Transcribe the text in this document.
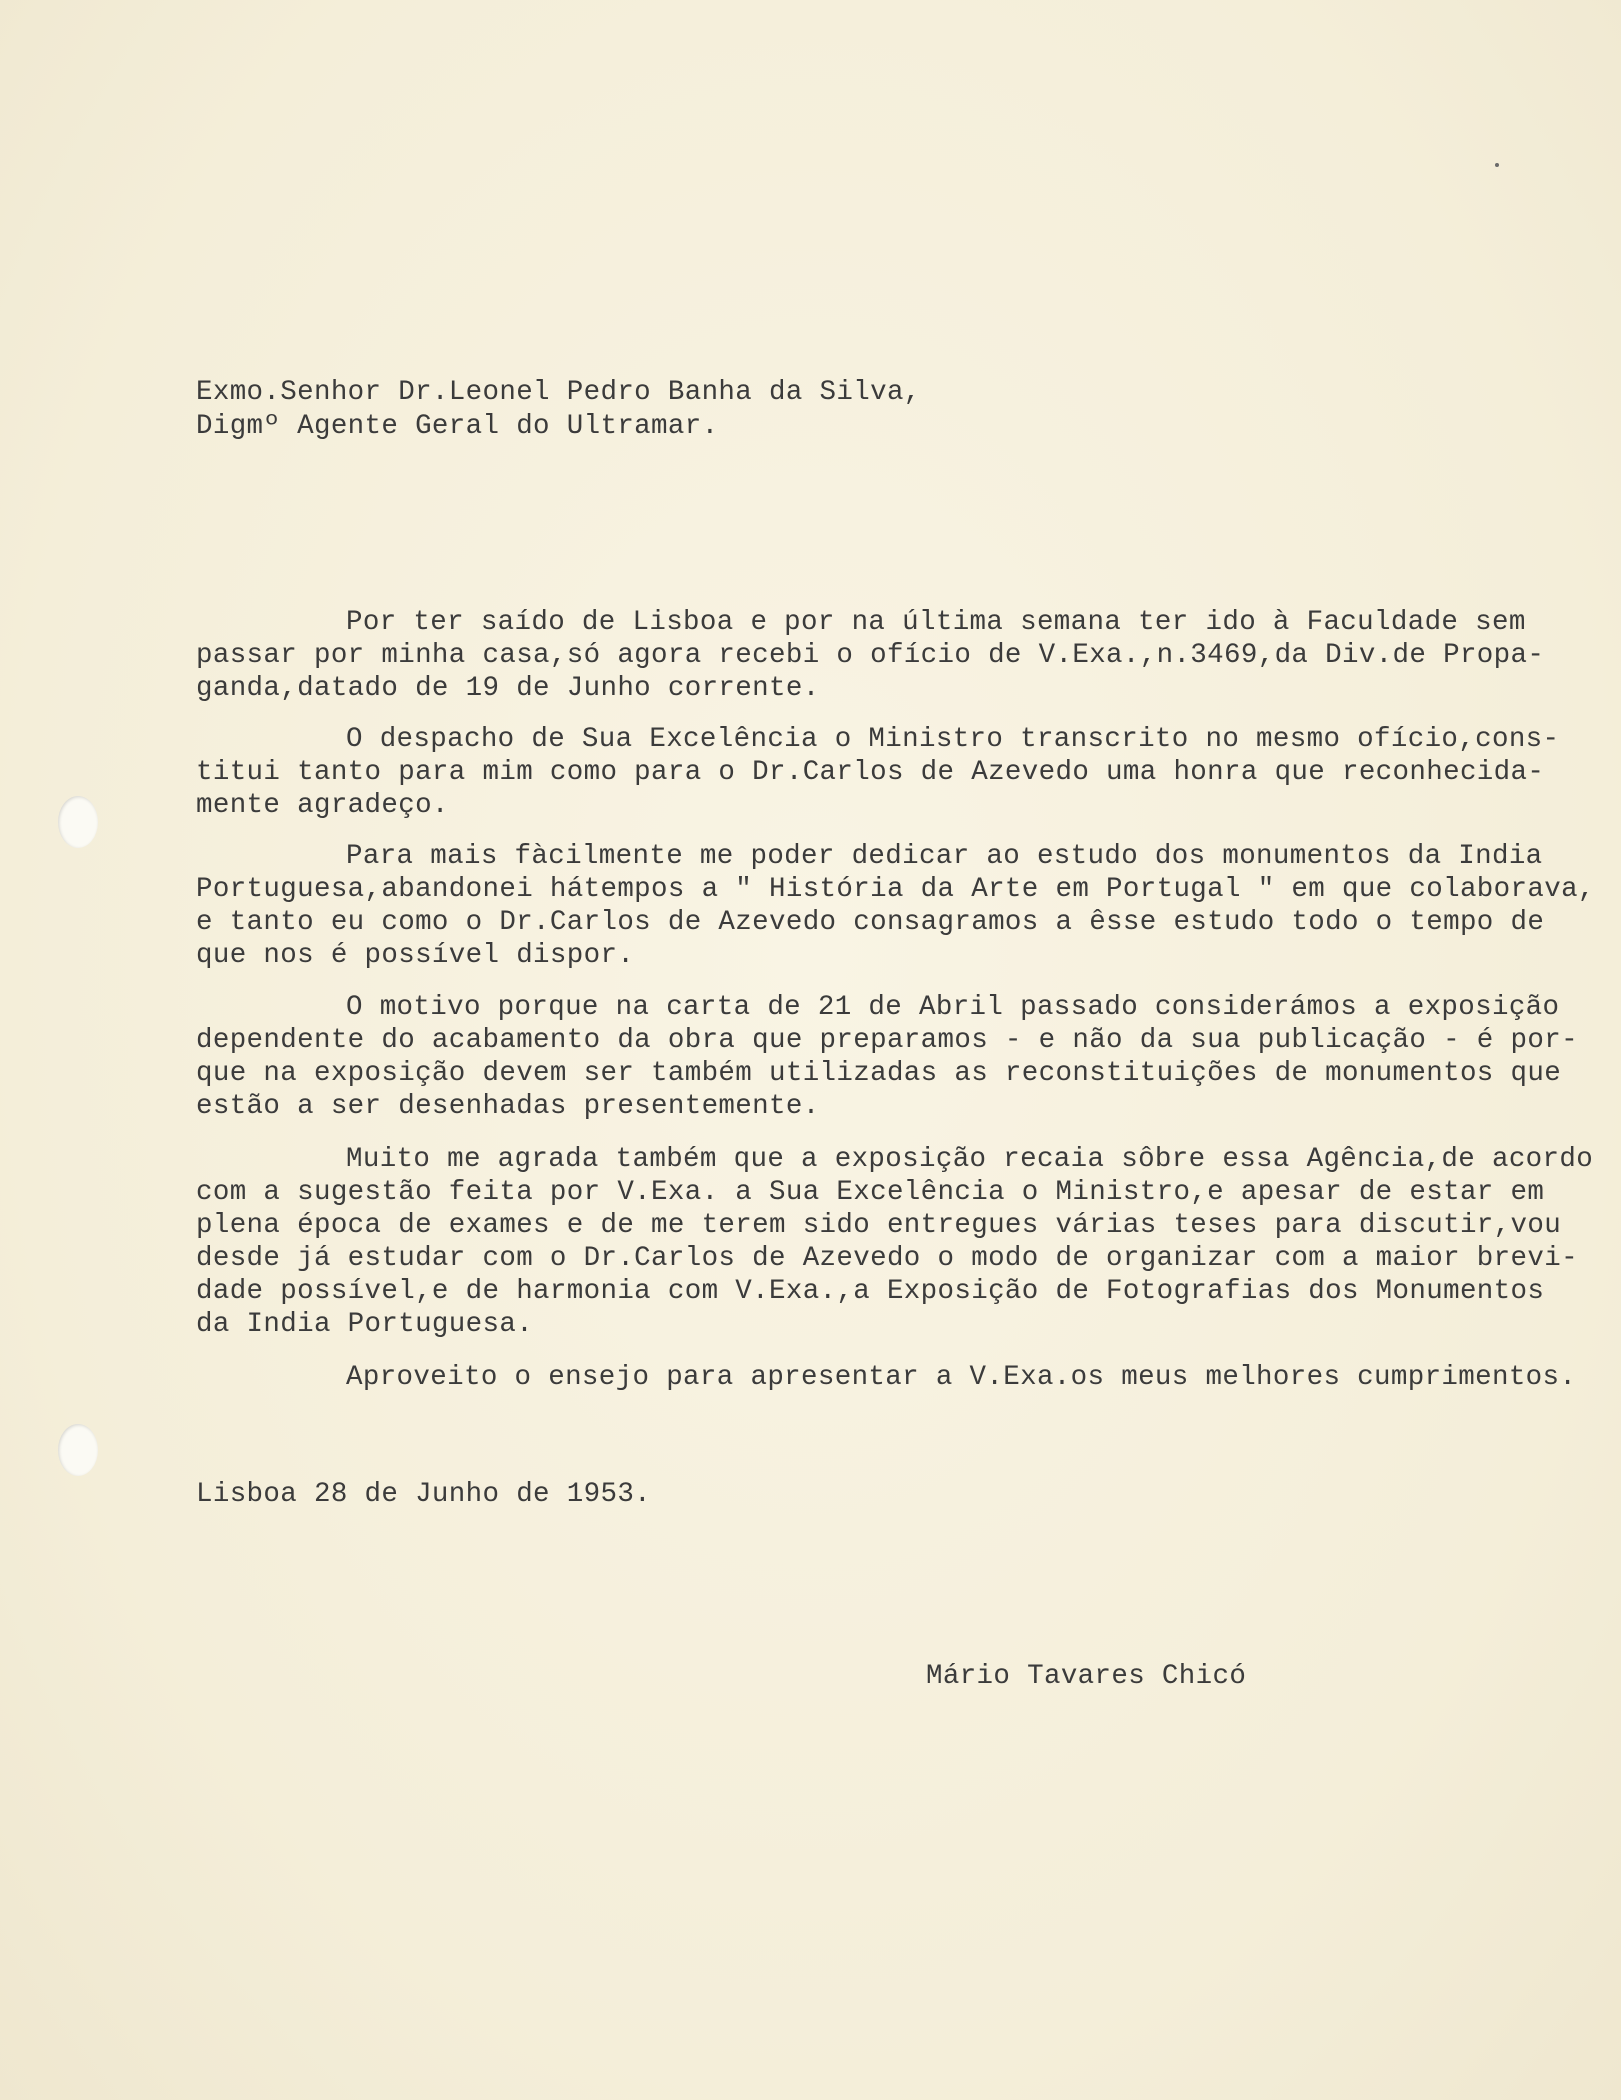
Exmo.Senhor Dr.Leonel Pedro Banha da Silva,
Digmº Agente Geral do Ultramar.
Por ter saído de Lisboa e por na última semana ter ido à Faculdade sem
passar por minha casa,só agora recebi o ofício de V.Exa.,n.3469,da Div.de Propa-
ganda,datado de 19 de Junho corrente.
O despacho de Sua Excelência o Ministro transcrito no mesmo ofício,cons-
titui tanto para mim como para o Dr.Carlos de Azevedo uma honra que reconhecida-
mente agradeço.
Para mais fàcilmente me poder dedicar ao estudo dos monumentos da India
Portuguesa,abandonei hátempos a " História da Arte em Portugal " em que colaborava,
e tanto eu como o Dr.Carlos de Azevedo consagramos a êsse estudo todo o tempo de
que nos é possível dispor.
O motivo porque na carta de 21 de Abril passado considerámos a exposição
dependente do acabamento da obra que preparamos - e não da sua publicação - é por-
que na exposição devem ser também utilizadas as reconstituições de monumentos que
estão a ser desenhadas presentemente.
Muito me agrada também que a exposição recaia sôbre essa Agência,de acordo
com a sugestão feita por V.Exa. a Sua Excelência o Ministro,e apesar de estar em
plena época de exames e de me terem sido entregues várias teses para discutir,vou
desde já estudar com o Dr.Carlos de Azevedo o modo de organizar com a maior brevi-
dade possível,e de harmonia com V.Exa.,a Exposição de Fotografias dos Monumentos
da India Portuguesa.
Aproveito o ensejo para apresentar a V.Exa.os meus melhores cumprimentos.
Lisboa 28 de Junho de 1953.
Mário Tavares Chicó
